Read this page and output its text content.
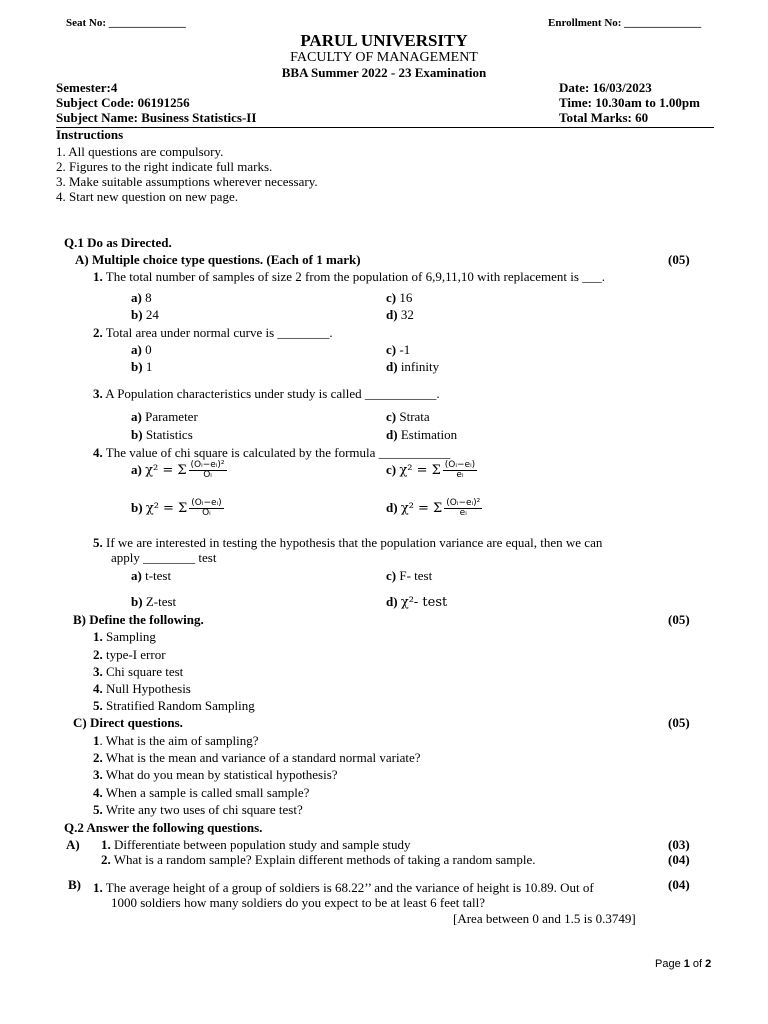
Seat No: ______________	Enrollment No: ______________
PARUL UNIVERSITY
FACULTY OF MANAGEMENT
BBA Summer 2022 - 23 Examination
Semester:4
Subject Code: 06191256
Subject Name: Business Statistics-II
Date: 16/03/2023
Time: 10.30am to 1.00pm
Total Marks: 60
Instructions
1. All questions are compulsory.
2. Figures to the right indicate full marks.
3. Make suitable assumptions wherever necessary.
4. Start new question on new page.
Q.1 Do as Directed.
A) Multiple choice type questions. (Each of 1 mark)	(05)
1. The total number of samples of size 2 from the population of 6,9,11,10 with replacement is ___.
a) 8	c) 16
b) 24	d) 32
2. Total area under normal curve is ________.
a) 0	c) -1
b) 1	d) infinity
3. A Population characteristics under study is called ___________.
a) Parameter	c) Strata
b) Statistics	d) Estimation
4. The value of chi square is calculated by the formula ___________
a) χ² = Σ $\frac{\text{(Oᵢ−eᵢ)²}}{\text{Oᵢ}}$	c) χ² = Σ $\frac{\text{(Oᵢ−eᵢ)}}{\text{eᵢ}}$
b) χ² = Σ $\frac{\text{(Oᵢ−eᵢ)}}{\text{Oᵢ}}$	d) χ² = Σ $\frac{\text{(Oᵢ−eᵢ)²}}{\text{eᵢ}}$
5. If we are interested in testing the hypothesis that the population variance are equal, then we can
apply ________ test
a) t-test	c) F- test
b) Z-test	d) χ²- test
B) Define the following.	(05)
1. Sampling
2. type-I error
3. Chi square test
4. Null Hypothesis
5. Stratified Random Sampling
C) Direct questions.	(05)
1. What is the aim of sampling?
2. What is the mean and variance of a standard normal variate?
3. What do you mean by statistical hypothesis?
4. When a sample is called small sample?
5. Write any two uses of chi square test?
Q.2 Answer the following questions.
A) 1. Differentiate between population study and sample study	(03)
2. What is a random sample? Explain different methods of taking a random sample.	(04)
B) 1. The average height of a group of soldiers is 68.22’’ and the variance of height is 10.89. Out of	(04)
1000 soldiers how many soldiers do you expect to be at least 6 feet tall?
[Area between 0 and 1.5 is 0.3749]
Page 1 of 2
